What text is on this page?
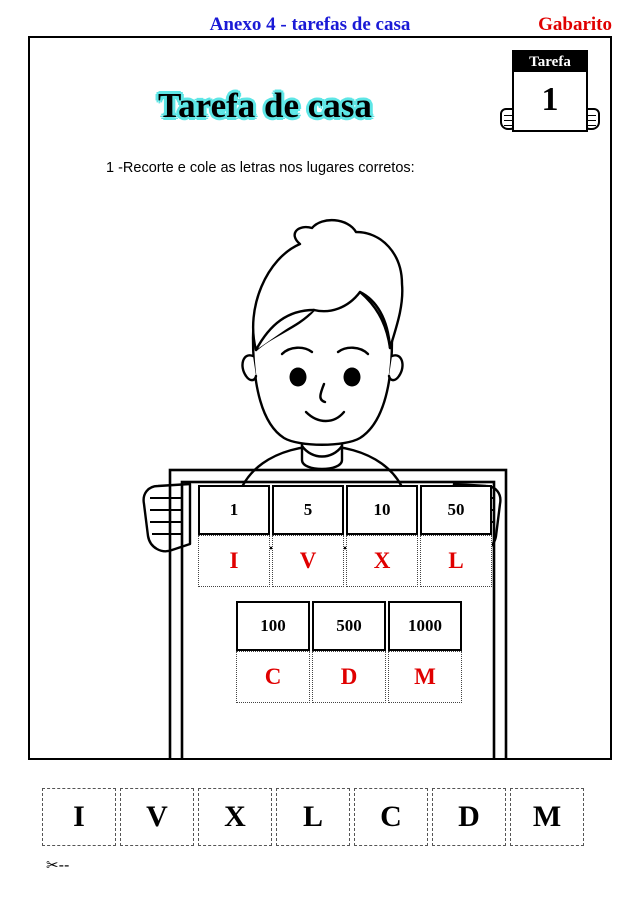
Anexo 4 - tarefas de casa	Gabarito
Tarefa
1
Tarefa de casa
1 -Recorte e cole as letras nos lugares corretos:
1	5	10	50
I	V	X	L
100	500	1000
C	D	M
I	V	X	L	C	D	M
✂--
